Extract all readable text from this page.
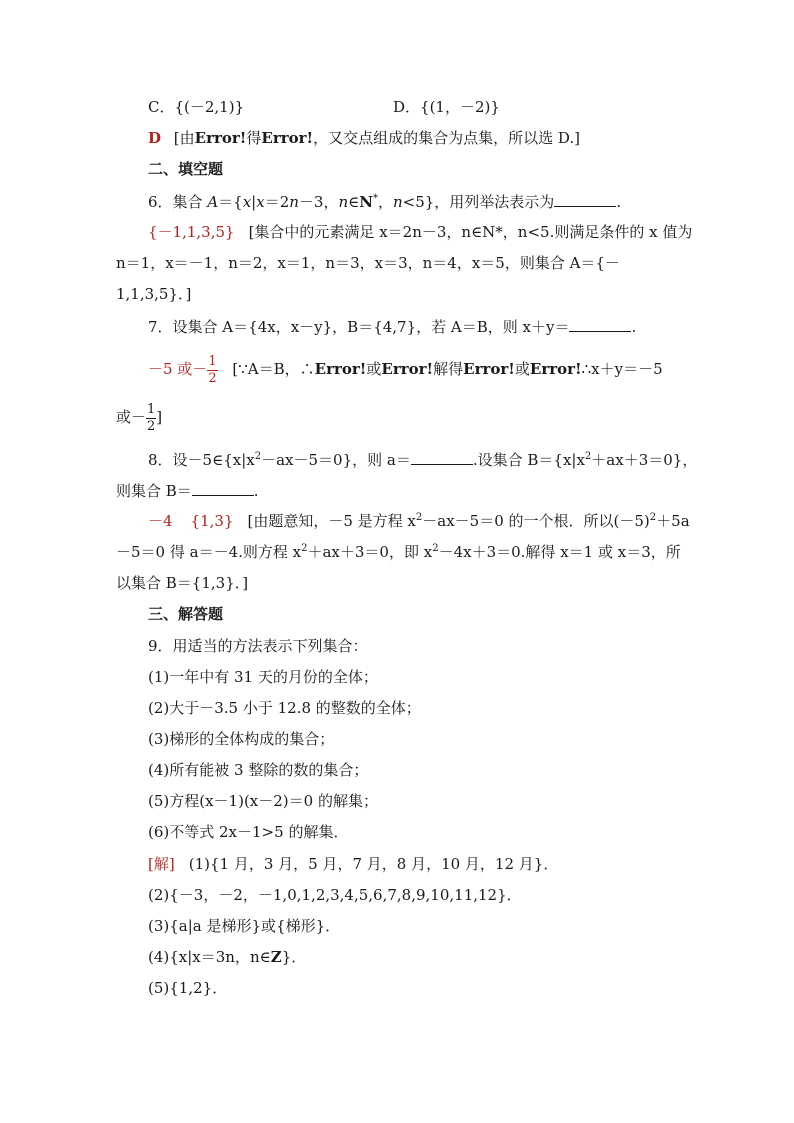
C．{(－2,1)}	D．{(1，－2)}
D [由Error!得Error!，又交点组成的集合为点集，所以选 D.]
二、填空题
6．集合 A＝{x|x＝2n－3，n∈N*，n<5}，用列举法表示为	.
{－1,1,3,5} [集合中的元素满足 x＝2n－3，n∈N*，n<5.则满足条件的 x 值为
n＝1，x＝－1，n＝2，x＝1，n＝3，x＝3，n＝4，x＝5，则集合 A＝{－
1,1,3,5}．]
7．设集合 A＝{4x，x－y}，B＝{4,7}，若 A＝B，则 x＋y＝	.
－5 或－ $\frac{1}{2}$ [∵A＝B，∴Error!或Error!解得Error!或Error!∴x＋y＝－5
或－ $\frac{1}{2}$ ]
8．设$-5\in\{x|x^2-ax-5=0\}$，则 a＝	.设集合 $B=\{x|x^2+ax+3=0\}$，
则集合 B＝	.
－4 {1,3} [由题意知，－5 是方程 $x^2-ax-5=0$ 的一个根．所以$(-5)^2+5a$
－5＝0 得 a＝－4.则方程 $x^2+ax+3=0$，即 $x^2-4x+3=0$.解得 x＝1 或 x＝3，所
以集合 B＝{1,3}．]
三、解答题
9．用适当的方法表示下列集合：
(1)一年中有 31 天的月份的全体；
(2)大于－3.5 小于 12.8 的整数的全体；
(3)梯形的全体构成的集合；
(4)所有能被 3 整除的数的集合；
(5)方程(x－1)(x－2)＝0 的解集；
(6)不等式 2x－1>5 的解集．
[解] (1){1 月，3 月，5 月，7 月，8 月，10 月，12 月}．
(2){－3，－2，－1,0,1,2,3,4,5,6,7,8,9,10,11,12}．
(3){a|a 是梯形}或{梯形}．
(4){x|x＝3n，n∈Z}．
(5){1,2}．
